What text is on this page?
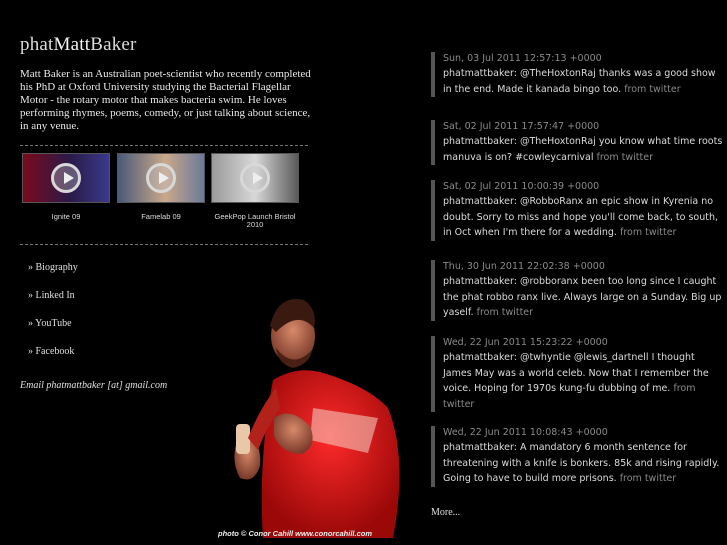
phatMattBaker

Matt Baker is an Australian poet-scientist who recently completed his PhD at Oxford University studying the Bacterial Flagellar Motor - the rotary motor that makes bacteria swim. He loves performing rhymes, poems, comedy, or just talking about science, in any venue.

Ignite 09	Famelab 09	GeekPop Launch Bristol 2010
» Biography
» Linked In
» YouTube
» Facebook
Email phatmattbaker [at] gmail.com
photo © Conor Cahill www.conorcahill.com
Sun, 03 Jul 2011 12:57:13 +0000
phatmattbaker: @TheHoxtonRaj thanks was a good show in the end. Made it kanada bingo too. from twitter
Sat, 02 Jul 2011 17:57:47 +0000
phatmattbaker: @TheHoxtonRaj you know what time roots manuva is on? #cowleycarnival from twitter
Sat, 02 Jul 2011 10:00:39 +0000
phatmattbaker: @RobboRanx an epic show in Kyrenia no doubt. Sorry to miss and hope you'll come back, to south, in Oct when I'm there for a wedding. from twitter
Thu, 30 Jun 2011 22:02:38 +0000
phatmattbaker: @robboranx been too long since I caught the phat robbo ranx live. Always large on a Sunday. Big up yaself. from twitter
Wed, 22 Jun 2011 15:23:22 +0000
phatmattbaker: @twhyntie @lewis_dartnell I thought James May was a world celeb. Now that I remember the voice. Hoping for 1970s kung-fu dubbing of me. from twitter
Wed, 22 Jun 2011 10:08:43 +0000
phatmattbaker: A mandatory 6 month sentence for threatening with a knife is bonkers. 85k and rising rapidly. Going to have to build more prisons. from twitter
More...
